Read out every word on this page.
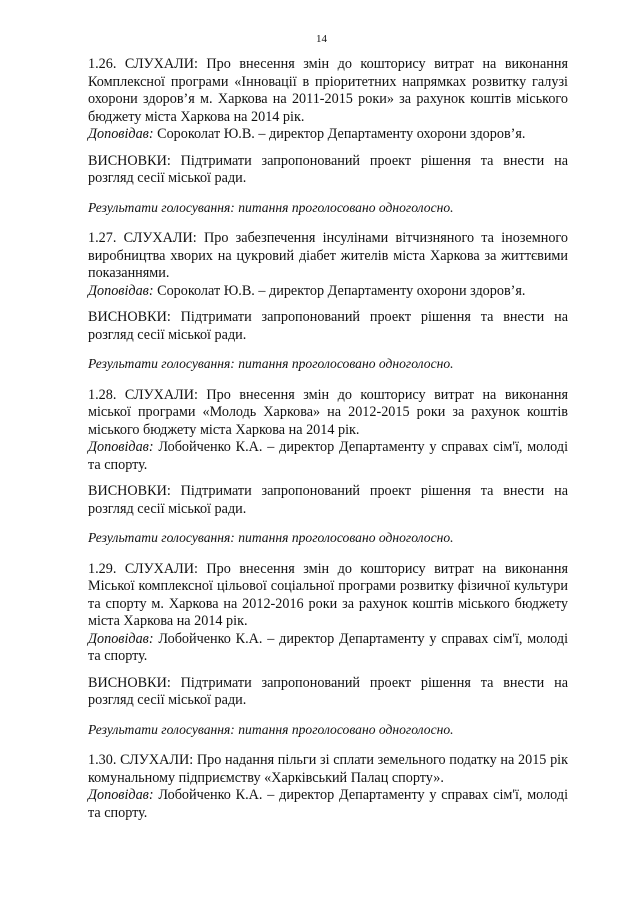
14

1.26. СЛУХАЛИ: Про внесення змін до кошторису витрат на виконання Комплексної програми «Інновації в пріоритетних напрямках розвитку галузі охорони здоров’я м. Харкова на 2011-2015 роки» за рахунок коштів міського бюджету міста Харкова на 2014 рік.

Доповідав: Сороколат Ю.В. – директор Департаменту охорони здоров’я.

ВИСНОВКИ: Підтримати запропонований проект рішення та внести на розгляд сесії міської ради.

Результати голосування: питання проголосовано одноголосно.

1.27. СЛУХАЛИ: Про забезпечення інсулінами вітчизняного та іноземного виробництва хворих на цукровий діабет жителів міста Харкова за життєвими показаннями.

Доповідав: Сороколат Ю.В. – директор Департаменту охорони здоров’я.

ВИСНОВКИ: Підтримати запропонований проект рішення та внести на розгляд сесії міської ради.

Результати голосування: питання проголосовано одноголосно.

1.28. СЛУХАЛИ: Про внесення змін до кошторису витрат на виконання міської програми «Молодь Харкова» на 2012-2015 роки за рахунок коштів міського бюджету міста Харкова на 2014 рік.

Доповідав: Лобойченко К.А. – директор Департаменту у справах сім'ї, молоді та спорту.

ВИСНОВКИ: Підтримати запропонований проект рішення та внести на розгляд сесії міської ради.

Результати голосування: питання проголосовано одноголосно.

1.29. СЛУХАЛИ: Про внесення змін до кошторису витрат на виконання Міської комплексної цільової соціальної програми розвитку фізичної культури та спорту м. Харкова на 2012-2016 роки за рахунок коштів міського бюджету міста Харкова на 2014 рік.

Доповідав: Лобойченко К.А. – директор Департаменту у справах сім'ї, молоді та спорту.

ВИСНОВКИ: Підтримати запропонований проект рішення та внести на розгляд сесії міської ради.

Результати голосування: питання проголосовано одноголосно.

1.30. СЛУХАЛИ: Про надання пільги зі сплати земельного податку на 2015 рік комунальному підприємству «Харківський Палац спорту».

Доповідав: Лобойченко К.А. – директор Департаменту у справах сім'ї, молоді та спорту.
